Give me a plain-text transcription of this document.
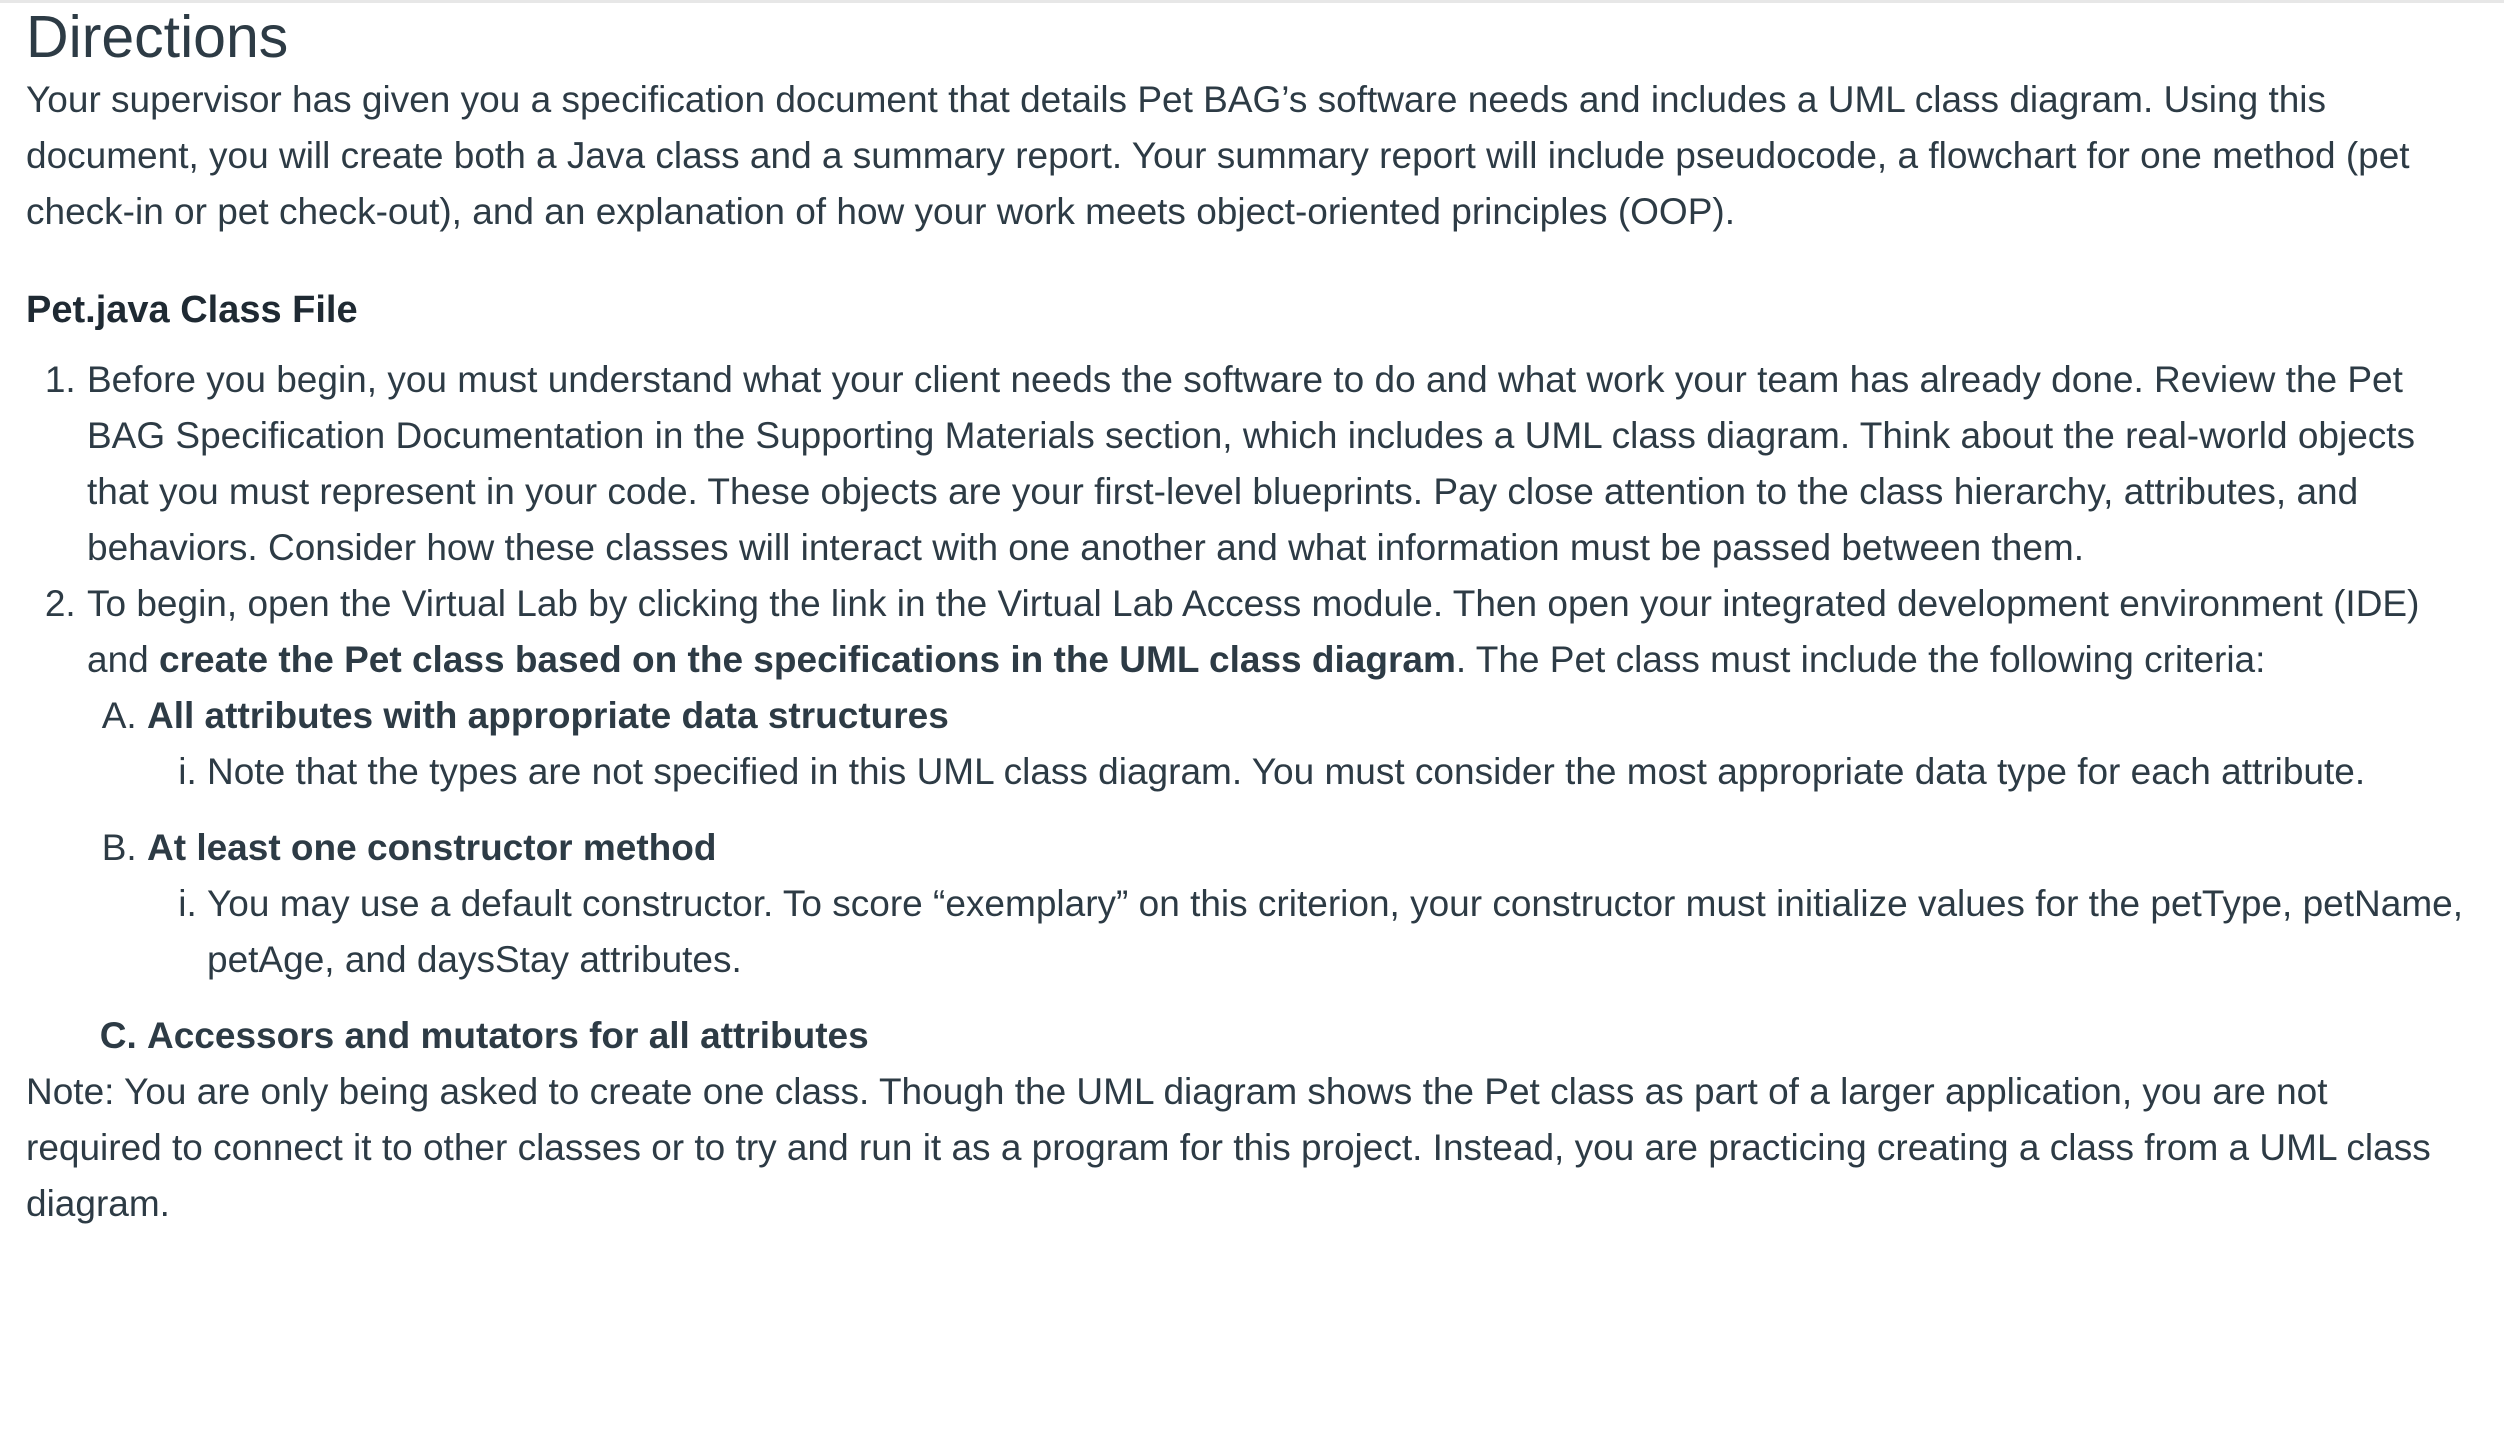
Directions

Your supervisor has given you a specification document that details Pet BAG’s software needs and includes a UML class diagram. Using this document, you will create both a Java class and a summary report. Your summary report will include pseudocode, a flowchart for one method (pet check-in or pet check-out), and an explanation of how your work meets object-oriented principles (OOP).

Pet.java Class File
1. Before you begin, you must understand what your client needs the software to do and what work your team has already done. Review the Pet BAG Specification Documentation in the Supporting Materials section, which includes a UML class diagram. Think about the real-world objects that you must represent in your code. These objects are your first-level blueprints. Pay close attention to the class hierarchy, attributes, and behaviors. Consider how these classes will interact with one another and what information must be passed between them.
2. To begin, open the Virtual Lab by clicking the link in the Virtual Lab Access module. Then open your integrated development environment (IDE) and create the Pet class based on the specifications in the UML class diagram. The Pet class must include the following criteria:
A. All attributes with appropriate data structures
i. Note that the types are not specified in this UML class diagram. You must consider the most appropriate data type for each attribute.
B. At least one constructor method
i. You may use a default constructor. To score “exemplary” on this criterion, your constructor must initialize values for the petType, petName, petAge, and daysStay attributes.
C. Accessors and mutators for all attributes

Note: You are only being asked to create one class. Though the UML diagram shows the Pet class as part of a larger application, you are not required to connect it to other classes or to try and run it as a program for this project. Instead, you are practicing creating a class from a UML class diagram.
